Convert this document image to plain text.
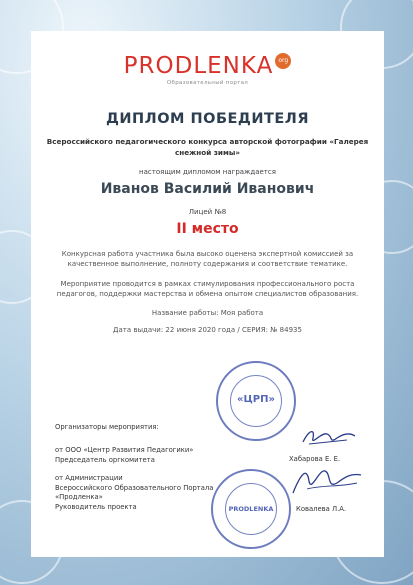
PRODLENKA org
Образовательный портал
ДИПЛОМ ПОБЕДИТЕЛЯ
Всероссийского педагогического конкурса авторской фотографии «Галерея снежной зимы»
настоящим дипломом награждается
Иванов Василий Иванович
Лицей №8
II место
Конкурсная работа участника была высоко оценена экспертной комиссией за качественное выполнение, полноту содержания и соответствие тематике.
Мероприятие проводится в рамках стимулирования профессионального роста педагогов, поддержки мастерства и обмена опытом специалистов образования.
Название работы: Моя работа
Дата выдачи: 22 июня 2020 года / СЕРИЯ: № 84935
Организаторы мероприятия:
от ООО «Центр Развития Педагогики»
Председатель оргкомитета
от Администрации
Всероссийского Образовательного Портала
«Продленка»
Руководитель проекта
«ЦРП»
PRODLENKA
Хабарова Е. Е.
Ковалева Л.А.
